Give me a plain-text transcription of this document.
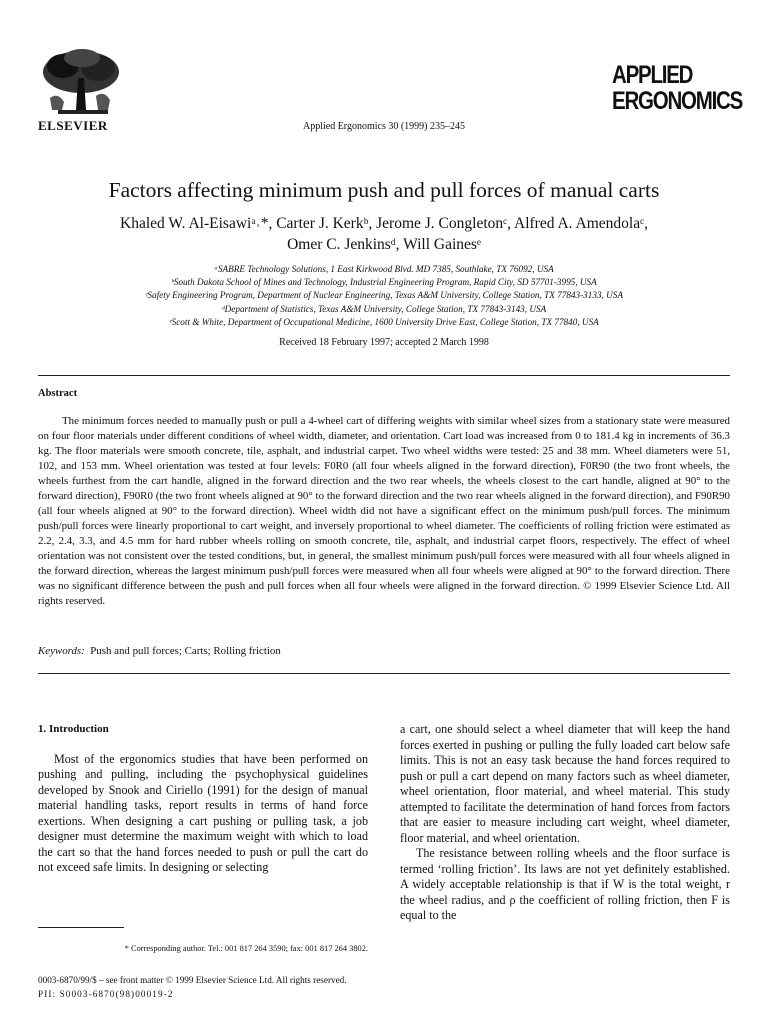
ELSEVIER	Applied Ergonomics 30 (1999) 235–245
APPLIED
ERGONOMICS
Factors affecting minimum push and pull forces of manual carts
Khaled W. Al-Eisawiᵃ˒*, Carter J. Kerkᵇ, Jerome J. Congletonᶜ, Alfred A. Amendolaᶜ,
Omer C. Jenkinsᵈ, Will Gainesᵉ
ᵃSABRE Technology Solutions, 1 East Kirkwood Blvd. MD 7385, Southlake, TX 76092, USA
ᵇSouth Dakota School of Mines and Technology, Industrial Engineering Program, Rapid City, SD 57701-3995, USA
ᶜSafety Engineering Program, Department of Nuclear Engineering, Texas A&M University, College Station, TX 77843-3133, USA
ᵈDepartment of Statistics, Texas A&M University, College Station, TX 77843-3143, USA
ᵉScott & White, Department of Occupational Medicine, 1600 University Drive East, College Station, TX 77840, USA
Received 18 February 1997; accepted 2 March 1998
Abstract
The minimum forces needed to manually push or pull a 4-wheel cart of differing weights with similar wheel sizes from a stationary state were measured on four floor materials under different conditions of wheel width, diameter, and orientation. Cart load was increased from 0 to 181.4 kg in increments of 36.3 kg. The floor materials were smooth concrete, tile, asphalt, and industrial carpet. Two wheel widths were tested: 25 and 38 mm. Wheel diameters were 51, 102, and 153 mm. Wheel orientation was tested at four levels: F0R0 (all four wheels aligned in the forward direction), F0R90 (the two front wheels, the wheels furthest from the cart handle, aligned in the forward direction and the two rear wheels, the wheels closest to the cart handle, aligned at 90° to the forward direction), F90R0 (the two front wheels aligned at 90° to the forward direction and the two rear wheels aligned in the forward direction), and F90R90 (all four wheels aligned at 90° to the forward direction). Wheel width did not have a significant effect on the minimum push/pull forces. The minimum push/pull forces were linearly proportional to cart weight, and inversely proportional to wheel diameter. The coefficients of rolling friction were estimated as 2.2, 2.4, 3.3, and 4.5 mm for hard rubber wheels rolling on smooth concrete, tile, asphalt, and industrial carpet floors, respectively. The effect of wheel orientation was not consistent over the tested conditions, but, in general, the smallest minimum push/pull forces were measured with all four wheels aligned in the forward direction, whereas the largest minimum push/pull forces were measured when all four wheels were aligned at 90° to the forward direction. There was no significant difference between the push and pull forces when all four wheels were aligned in the forward direction. © 1999 Elsevier Science Ltd. All rights reserved.
Keywords: Push and pull forces; Carts; Rolling friction
1. Introduction

Most of the ergonomics studies that have been performed on pushing and pulling, including the psychophysical guidelines developed by Snook and Ciriello (1991) for the design of manual material handling tasks, report results in terms of hand force exertions. When designing a cart pushing or pulling task, a job designer must determine the maximum weight with which to load the cart so that the hand forces needed to push or pull the cart do not exceed safe limits. In designing or selecting

a cart, one should select a wheel diameter that will keep the hand forces exerted in pushing or pulling the fully loaded cart below safe limits. This is not an easy task because the hand forces required to push or pull a cart depend on many factors such as wheel diameter, wheel orientation, floor material, and wheel material. This study attempted to facilitate the determination of hand forces from factors that are easier to measure including cart weight, wheel diameter, floor material, and wheel orientation.

The resistance between rolling wheels and the floor surface is termed ‘rolling friction’. Its laws are not yet definitely established. A widely acceptable relationship is that if W is the total weight, r the wheel radius, and ρ the coefficient of rolling friction, then F is equal to the

* Corresponding author. Tel.: 001 817 264 3590; fax: 001 817 264 3802.
0003-6870/99/$ – see front matter © 1999 Elsevier Science Ltd. All rights reserved.
PII: S0003-6870(98)00019-2
